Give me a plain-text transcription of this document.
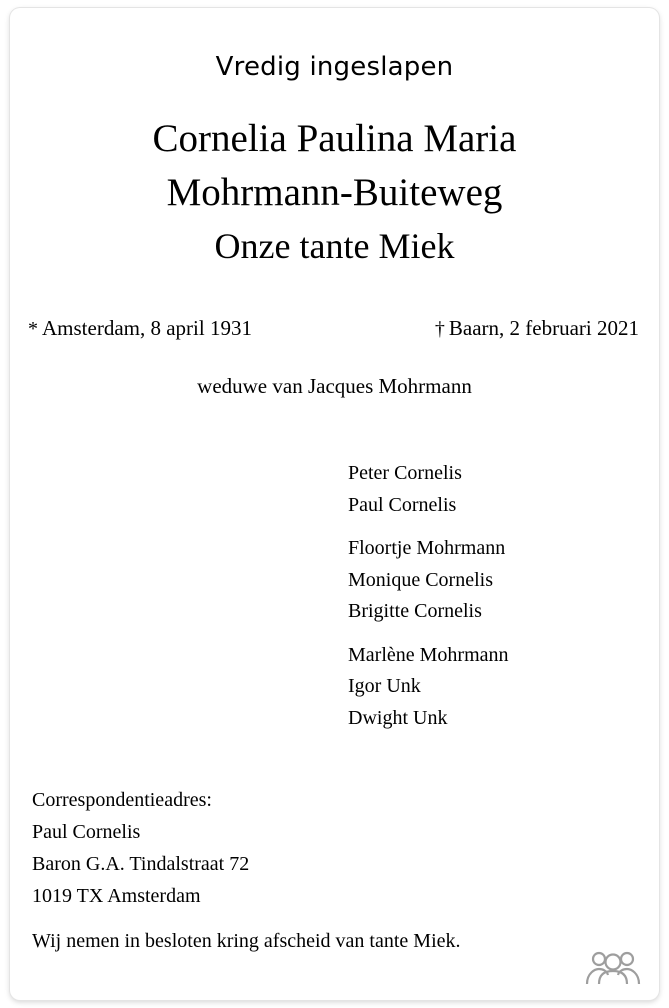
Vredig ingeslapen
Cornelia Paulina Maria
Mohrmann-Buiteweg
Onze tante Miek
* Amsterdam, 8 april 1931	† Baarn, 2 februari 2021
weduwe van Jacques Mohrmann
Peter Cornelis
Paul Cornelis
Floortje Mohrmann
Monique Cornelis
Brigitte Cornelis
Marlène Mohrmann
Igor Unk
Dwight Unk
Correspondentieadres:
Paul Cornelis
Baron G.A. Tindalstraat 72
1019 TX Amsterdam
Wij nemen in besloten kring afscheid van tante Miek.
